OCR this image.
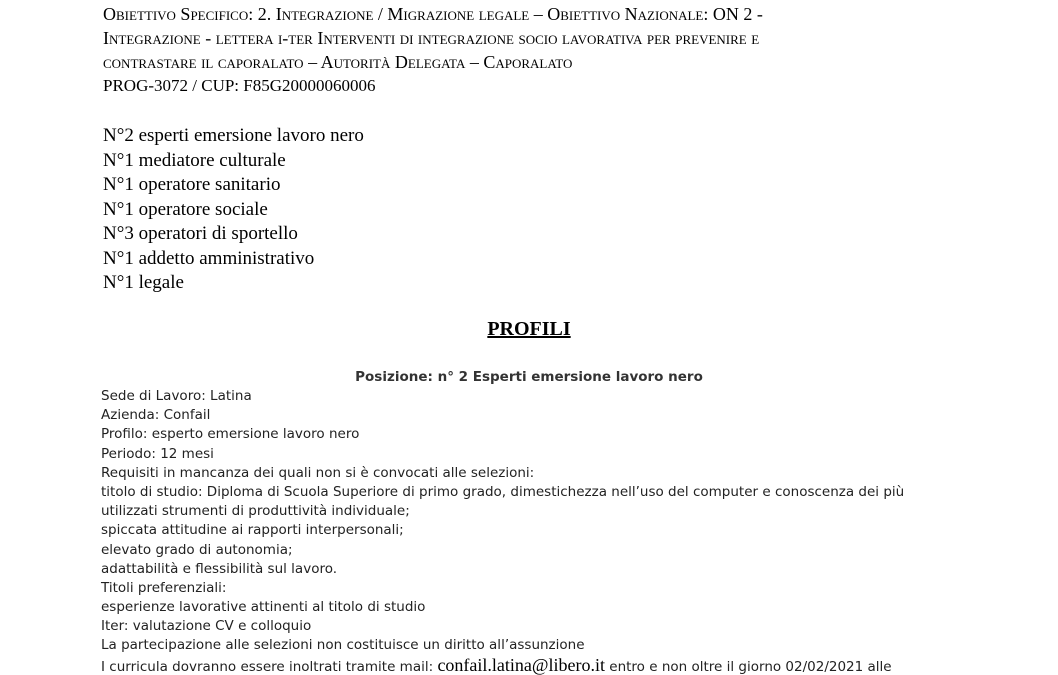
Obiettivo Specifico: 2. Integrazione / Migrazione legale – Obiettivo Nazionale: ON 2 -

Integrazione - lettera i-ter Interventi di integrazione socio lavorativa per prevenire e

contrastare il caporalato – Autorità Delegata – Caporalato

PROG-3072 / CUP: F85G20000060006

N°2 esperti emersione lavoro nero
N°1 mediatore culturale
N°1 operatore sanitario
N°1 operatore sociale
N°3 operatori di sportello
N°1 addetto amministrativo
N°1 legale
PROFILI
Posizione: n° 2 Esperti emersione lavoro nero
Sede di Lavoro: Latina
Azienda: Confail
Profilo: esperto emersione lavoro nero
Periodo: 12 mesi
Requisiti in mancanza dei quali non si è convocati alle selezioni:
titolo di studio: Diploma di Scuola Superiore di primo grado, dimestichezza nell’uso del computer e conoscenza dei più
utilizzati strumenti di produttività individuale;
spiccata attitudine ai rapporti interpersonali;
elevato grado di autonomia;
adattabilità e flessibilità sul lavoro.
Titoli preferenziali:
esperienze lavorative attinenti al titolo di studio
Iter: valutazione CV e colloquio
La partecipazione alle selezioni non costituisce un diritto all’assunzione
I curricula dovranno essere inoltrati tramite mail: confail.latina@libero.it entro e non oltre il giorno 02/02/2021 alle
